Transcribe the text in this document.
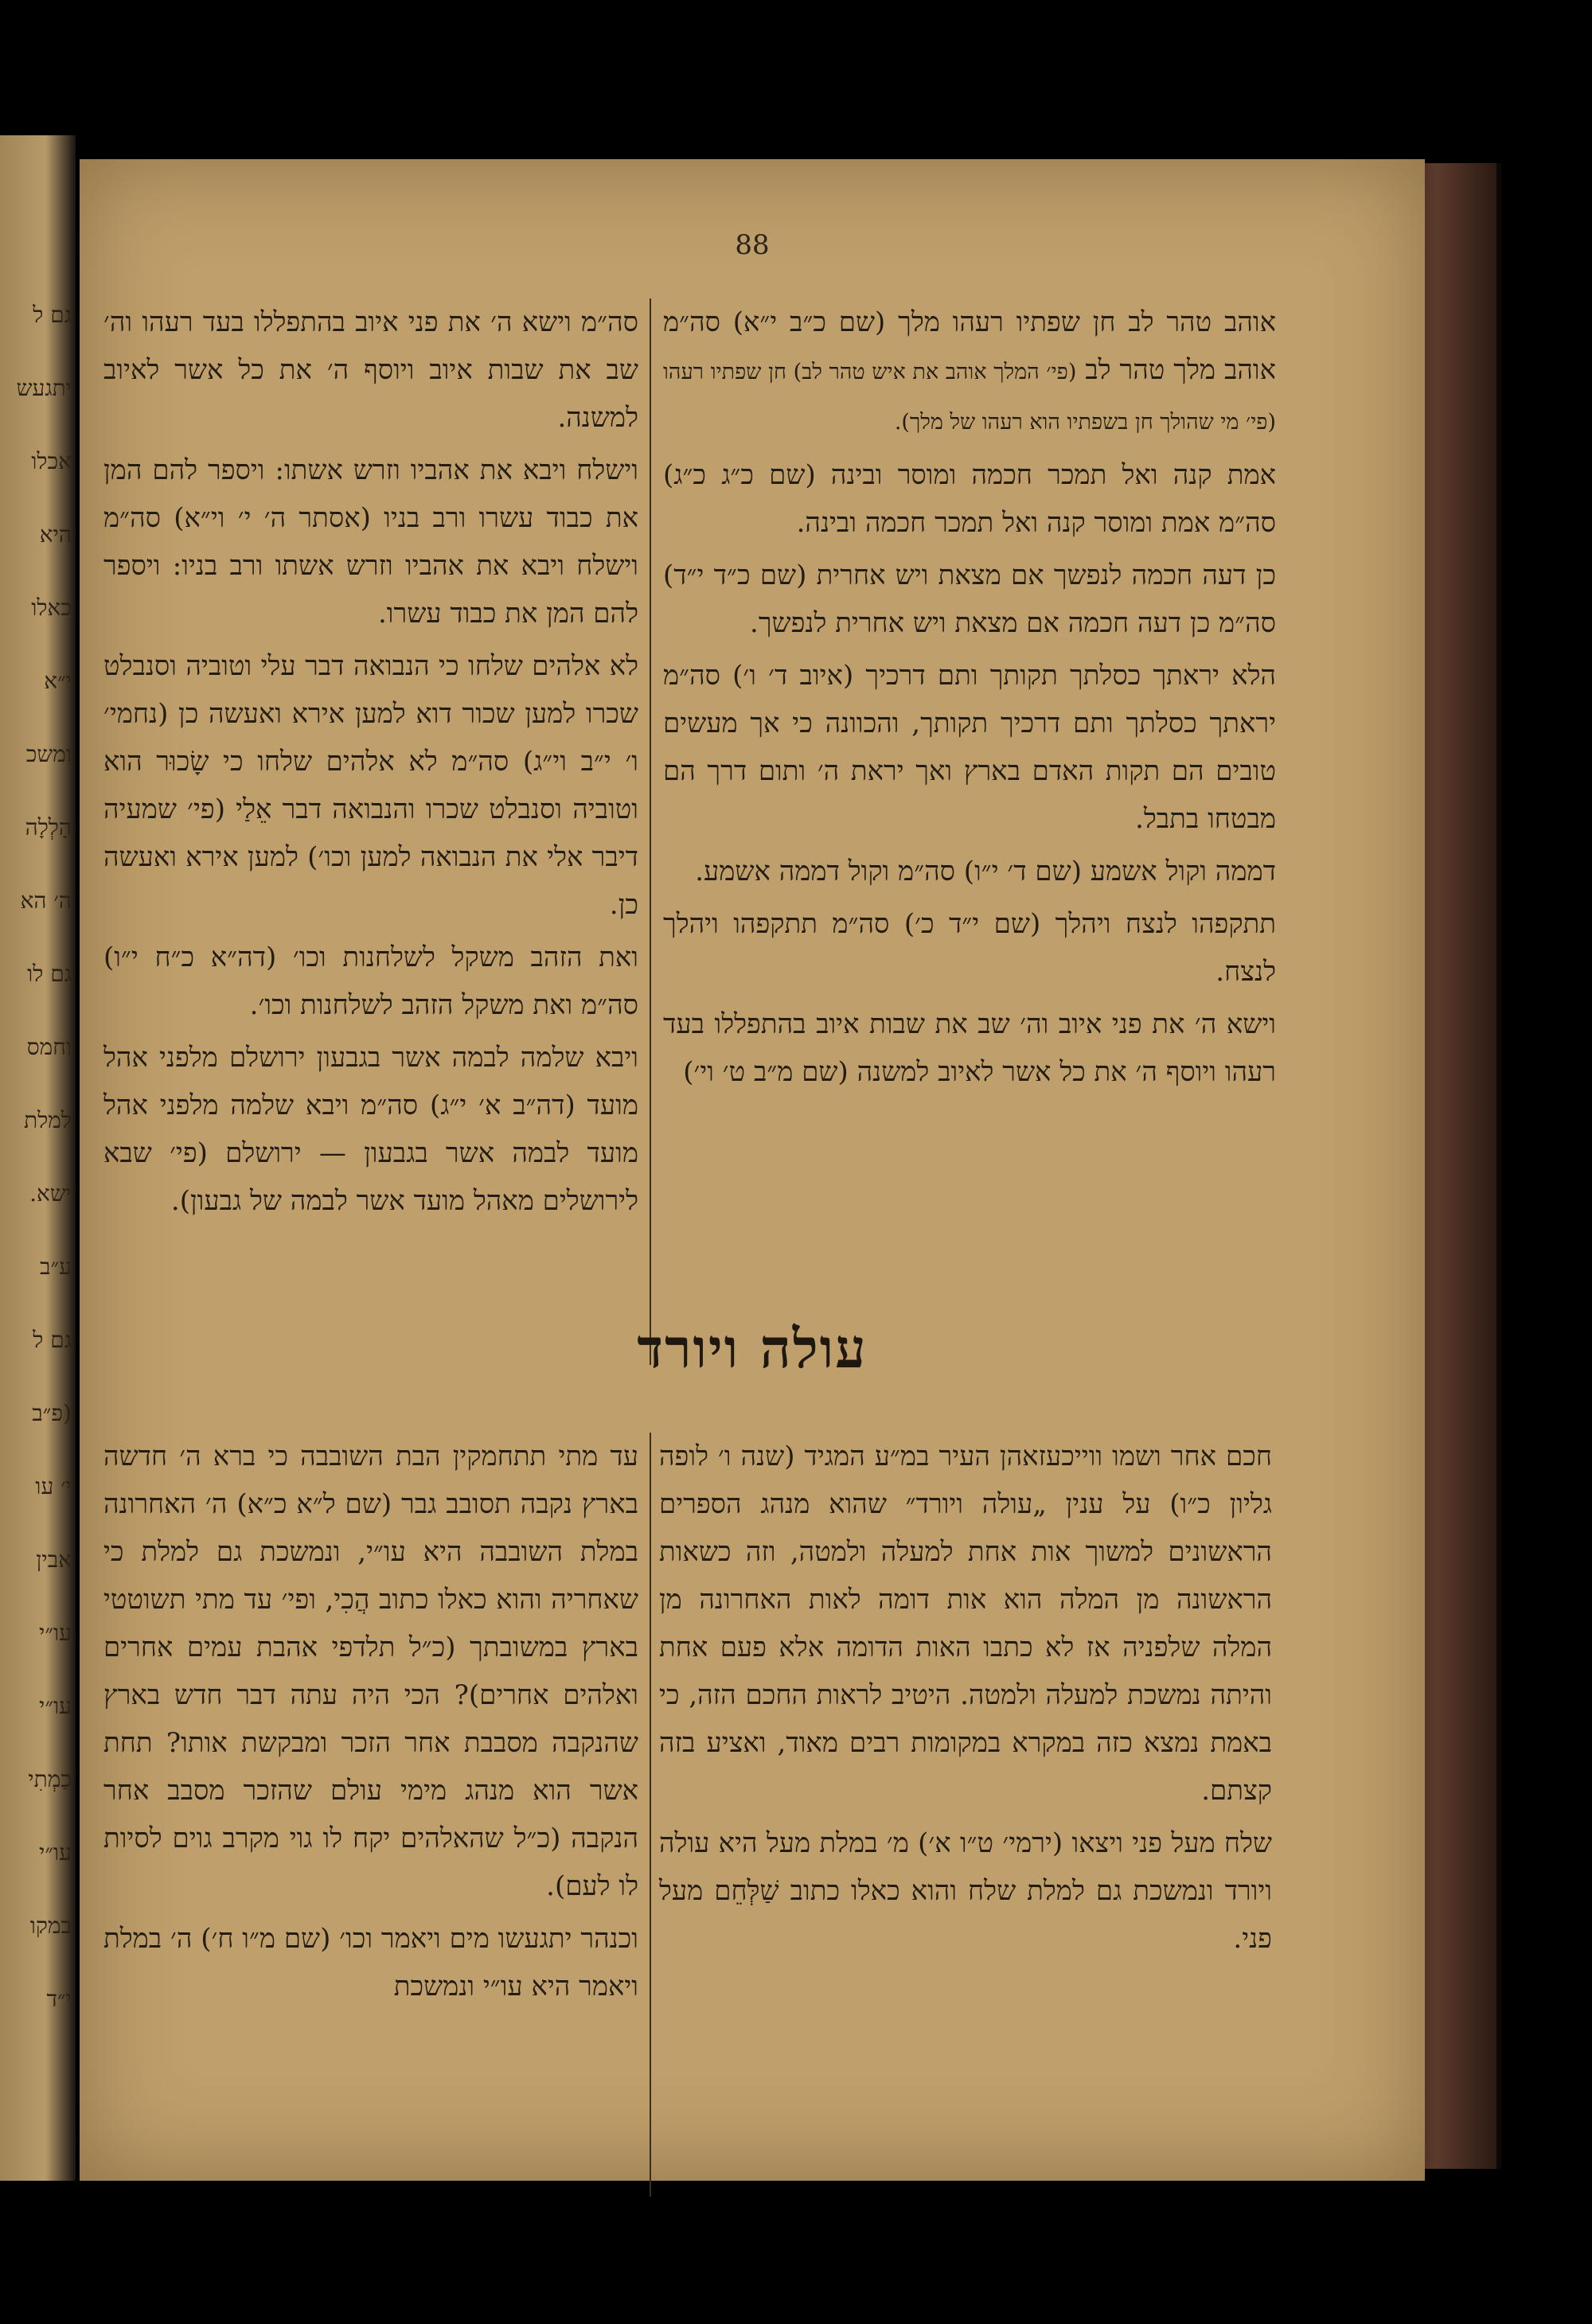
גם ל
יתגעש
אכלו
היא
כאלו
י״א
ומשכ
הָלְלָה
ה׳ הא
גם לו
וחמס
למלת
ישא.
ע״ב
גם ל
(פ״ב
י׳ עו
אבין
עו״י
עו״י
כַמְתִי
עו״י
במקו
י״ד
88

אוהב טהר לב חן שפתיו רעהו מלך (שם כ״ב י״א) סה״מ אוהב מלך טהר לב (פי׳ המלך אוהב את איש טהר לב) חן שפתיו רעהו (פי׳ מי שהולך חן בשפתיו הוא רעהו של מלך).

אמת קנה ואל תמכר חכמה ומוסר ובינה (שם כ״ג כ״ג) סה״מ אמת ומוסר קנה ואל תמכר חכמה ובינה.

כן דעה חכמה לנפשך אם מצאת ויש אחרית (שם כ״ד י״ד) סה״מ כן דעה חכמה אם מצאת ויש אחרית לנפשך.

הלא יראתך כסלתך תקותך ותם דרכיך (איוב ד׳ ו׳) סה״מ יראתך כסלתך ותם דרכיך תקותך, והכוונה כי אך מעשים טובים הם תקות האדם בארץ ואך יראת ה׳ ותום דרך הם מבטחו בתבל.

דממה וקול אשמע (שם ד׳ י״ו) סה״מ וקול דממה אשמע.

תתקפהו לנצח ויהלך (שם י״ד כ׳) סה״מ תתקפהו ויהלך לנצח.

וישא ה׳ את פני איוב וה׳ שב את שבות איוב בהתפללו בעד רעהו ויוסף ה׳ את כל אשר לאיוב למשנה (שם מ״ב ט׳ וי׳)

סה״מ וישא ה׳ את פני איוב בהתפללו בעד רעהו וה׳ שב את שבות איוב ויוסף ה׳ את כל אשר לאיוב למשנה.

וישלח ויבא את אהביו וזרש אשתו: ויספר להם המן את כבוד עשרו ורב בניו (אסתר ה׳ י׳ וי״א) סה״מ וישלח ויבא את אהביו וזרש אשתו ורב בניו: ויספר להם המן את כבוד עשרו.

לא אלהים שלחו כי הנבואה דבר עלי וטוביה וסנבלט שכרו למען שכור דוא למען אירא ואעשה כן (נחמי׳ ו׳ י״ב וי״ג) סה״מ לא אלהים שלחו כי שָׂכוּר הוא וטוביה וסנבלט שכרו והנבואה דבר אֵלַי (פי׳ שמעיה דיבר אלי את הנבואה למען וכו׳) למען אירא ואעשה כן.

ואת הזהב משקל לשלחנות וכו׳ (דה״א כ״ח י״ו) סה״מ ואת משקל הזהב לשלחנות וכו׳.

ויבא שלמה לבמה אשר בגבעון ירושלם מלפני אהל מועד (דה״ב א׳ י״ג) סה״מ ויבא שלמה מלפני אהל מועד לבמה אשר בגבעון — ירושלם (פי׳ שבא לירושלים מאהל מועד אשר לבמה של גבעון).

עולה ויורד

חכם אחר ושמו ווייכעזאהן העיר במ״ע המגיד (שנה ו׳ לופה גליון כ״ו) על ענין „עולה ויורד״ שהוא מנהג הספרים הראשונים למשוך אות אחת למעלה ולמטה, וזה כשאות הראשונה מן המלה הוא אות דומה לאות האחרונה מן המלה שלפניה אז לא כתבו האות הדומה אלא פעם אחת והיתה נמשכת למעלה ולמטה. היטיב לראות החכם הזה, כי באמת נמצא כזה במקרא במקומות רבים מאוד, ואציע בזה קצתם.

שלח מעל פני ויצאו (ירמי׳ ט״ו א׳) מ׳ במלת מעל היא עולה ויורד ונמשכת גם למלת שלח והוא כאלו כתוב שַׁלְּחֵם מעל פני.

עד מתי תתחמקין הבת השובבה כי ברא ה׳ חדשה בארץ נקבה תסובב גבר (שם ל״א כ״א) ה׳ האחרונה במלת השובבה היא עו״י, ונמשכת גם למלת כי שאחריה והוא כאלו כתוב הֲכִי, ופי׳ עד מתי תשוטטי בארץ במשובתך (כ״ל תלדפי אהבת עמים אחרים ואלהים אחרים)? הכי היה עתה דבר חדש בארץ שהנקבה מסבבת אחר הזכר ומבקשת אותו? תחת אשר הוא מנהג מימי עולם שהזכר מסבב אחר הנקבה (כ״ל שהאלהים יקח לו גוי מקרב גוים לסיות לו לעם).

וכנהר יתגעשו מים ויאמר וכו׳ (שם מ״ו ח׳) ה׳ במלת ויאמר היא עו״י ונמשכת
